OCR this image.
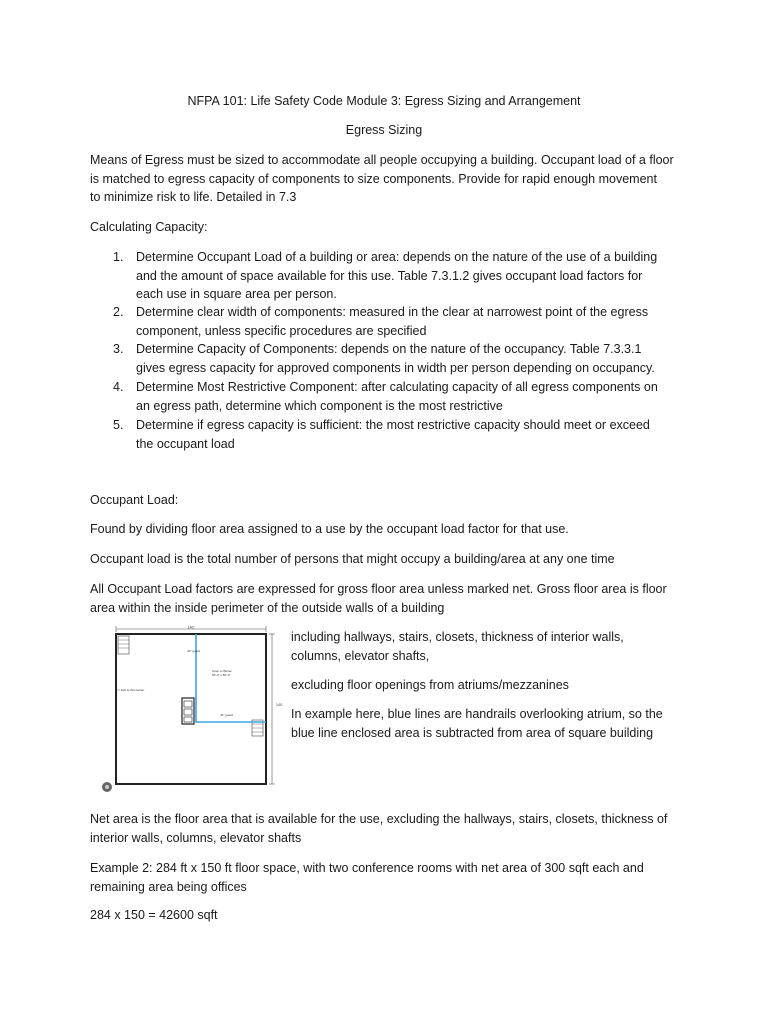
NFPA 101: Life Safety Code Module 3: Egress Sizing and Arrangement
Egress Sizing
Means of Egress must be sized to accommodate all people occupying a building. Occupant load of a floor
is matched to egress capacity of components to size components. Provide for rapid enough movement
to minimize risk to life. Detailed in 7.3
Calculating Capacity:
1. Determine Occupant Load of a building or area: depends on the nature of the use of a building
and the amount of space available for this use. Table 7.3.1.2 gives occupant load factors for
each use in square area per person.
2. Determine clear width of components: measured in the clear at narrowest point of the egress
component, unless specific procedures are specified
3. Determine Capacity of Components: depends on the nature of the occupancy. Table 7.3.3.1
gives egress capacity for approved components in width per person depending on occupancy.
4. Determine Most Restrictive Component: after calculating capacity of all egress components on
an egress path, determine which component is the most restrictive
5. Determine if egress capacity is sufficient: the most restrictive capacity should meet or exceed
the occupant load
Occupant Load:
Found by dividing floor area assigned to a use by the occupant load factor for that use.
Occupant load is the total number of persons that might occupy a building/area at any one time
All Occupant Load factors are expressed for gross floor area unless marked net. Gross floor area is floor
area within the inside perimeter of the outside walls of a building
140'
140'
42" guard
Open to Below
60'-0" x 80'-0"
42" guard
Exit to this barrier
including hallways, stairs, closets, thickness of interior walls,
columns, elevator shafts,
excluding floor openings from atriums/mezzanines
In example here, blue lines are handrails overlooking atrium, so the
blue line enclosed area is subtracted from area of square building
Net area is the floor area that is available for the use, excluding the hallways, stairs, closets, thickness of
interior walls, columns, elevator shafts
Example 2: 284 ft x 150 ft floor space, with two conference rooms with net area of 300 sqft each and
remaining area being offices
284 x 150 = 42600 sqft
